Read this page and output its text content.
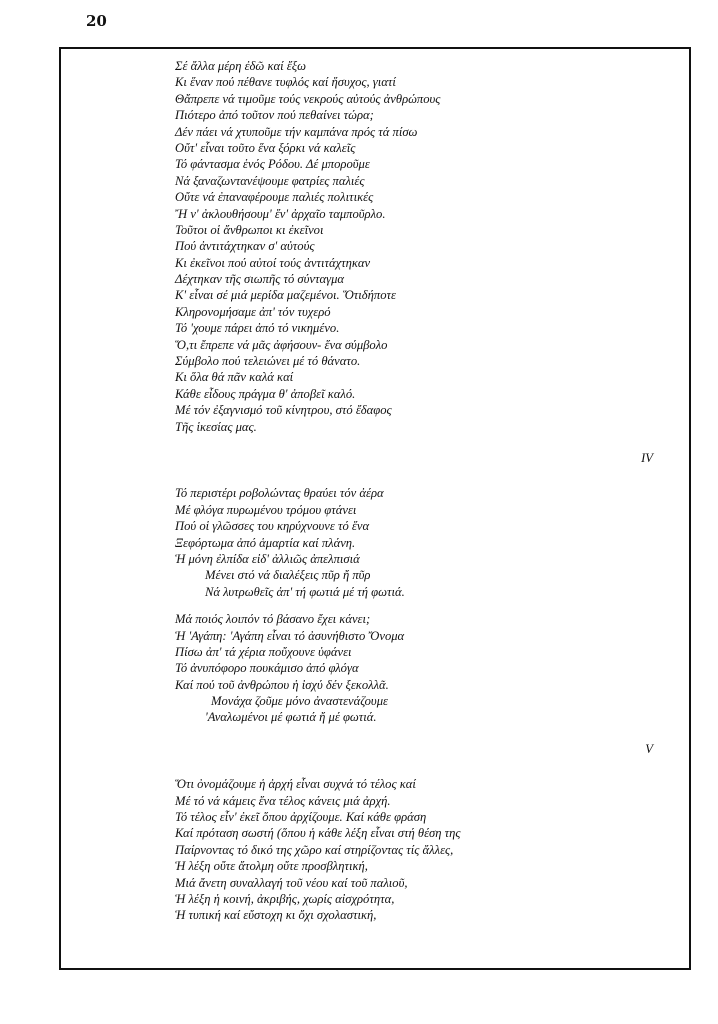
20
Σέ ἄλλα μέρη ἐδῶ καί ἔξω
Κι ἕναν πού πέθανε τυφλός καί ἥσυχος, γιατί
Θἄπρεπε νά τιμοῦμε τούς νεκρούς αὐτούς ἀνθρώπους
Πιότερο ἀπό τοῦτον πού πεθαίνει τώρα;
Δέν πάει νά χτυποῦμε τήν καμπάνα πρός τά πίσω
Οὔτ' εἶναι τοῦτο ἕνα ξόρκι νά καλεῖς
Τό φάντασμα ἑνός Ρόδου. Δέ μποροῦμε
Νά ξαναζωντανέψουμε φατρίες παλιές
Οὔτε νά ἐπαναφέρουμε παλιές πολιτικές
Ἤ ν' ἀκλουθήσουμ' ἕν' ἀρχαῖο ταμποῦρλο.
Τοῦτοι οἱ ἄνθρωποι κι ἐκεῖνοι
Πού ἀντιτάχτηκαν σ' αὐτούς
Κι ἐκεῖνοι πού αὐτοί τούς ἀντιτάχτηκαν
Δέχτηκαν τῆς σιωπῆς τό σύνταγμα
Κ' εἶναι σέ μιά μερίδα μαζεμένοι. Ὅτιδήποτε
Κληρονομήσαμε ἀπ' τόν τυχερό
Τό 'χουμε πάρει ἀπό τό νικημένο.
Ὅ,τι ἔπρεπε νά μᾶς ἀφήσουν- ἕνα σύμβολο
Σύμβολο πού τελειώνει μέ τό θάνατο.
Κι ὅλα θά πᾶν καλά καί
Κάθε εἶδους πράγμα θ' ἀποβεῖ καλό.
Μέ τόν ἐξαγνισμό τοῦ κίνητρου, στό ἔδαφος
Τῆς ἱκεσίας μας.
IV
Τό περιστέρι ροβολώντας θραύει τόν ἀέρα
Μέ φλόγα πυρωμένου τρόμου φτάνει
Πού οἱ γλῶσσες του κηρύχνουνε τό ἕνα
Ξεφόρτωμα ἀπό ἁμαρτία καί πλάνη.
Ἡ μόνη ἐλπίδα εἰδ' ἀλλιῶς ἀπελπισιά
Μένει στό νά διαλέξεις πῦρ ἤ πῦρ
Νά λυτρωθεῖς ἀπ' τή φωτιά μέ τή φωτιά.
Μά ποιός λοιπόν τό βάσανο ἔχει κάνει;
Ἡ 'Αγάπη: 'Αγάπη εἶναι τό ἀσυνήθιστο Ὄνομα
Πίσω ἀπ' τά χέρια ποὔχουνε ὑφάνει
Τό ἀνυπόφορο πουκάμισο ἀπό φλόγα
Καί πού τοῦ ἀνθρώπου ἡ ἰσχύ δέν ξεκολλᾶ.
Μονάχα ζοῦμε μόνο ἀναστενάζουμε
'Αναλωμένοι μέ φωτιά ἤ μέ φωτιά.
V
Ὅτι ὀνομάζουμε ἡ ἀρχή εἶναι συχνά τό τέλος καί
Μέ τό νά κάμεις ἕνα τέλος κάνεις μιά ἀρχή.
Τό τέλος εἶν' ἐκεῖ ὅπου ἀρχίζουμε. Καί κάθε φράση
Καί πρόταση σωστή (ὅπου ἡ κάθε λέξη εἶναι στή θέση της
Παίρνοντας τό δικό της χῶρο καί στηρίζοντας τίς ἄλλες,
Ἡ λέξη οὔτε ἄτολμη οὔτε προσβλητική,
Μιά ἄνετη συναλλαγή τοῦ νέου καί τοῦ παλιοῦ,
Ἡ λέξη ἡ κοινή, ἀκριβής, χωρίς αἰσχρότητα,
Ἡ τυπική καί εὔστοχη κι ὄχι σχολαστική,
